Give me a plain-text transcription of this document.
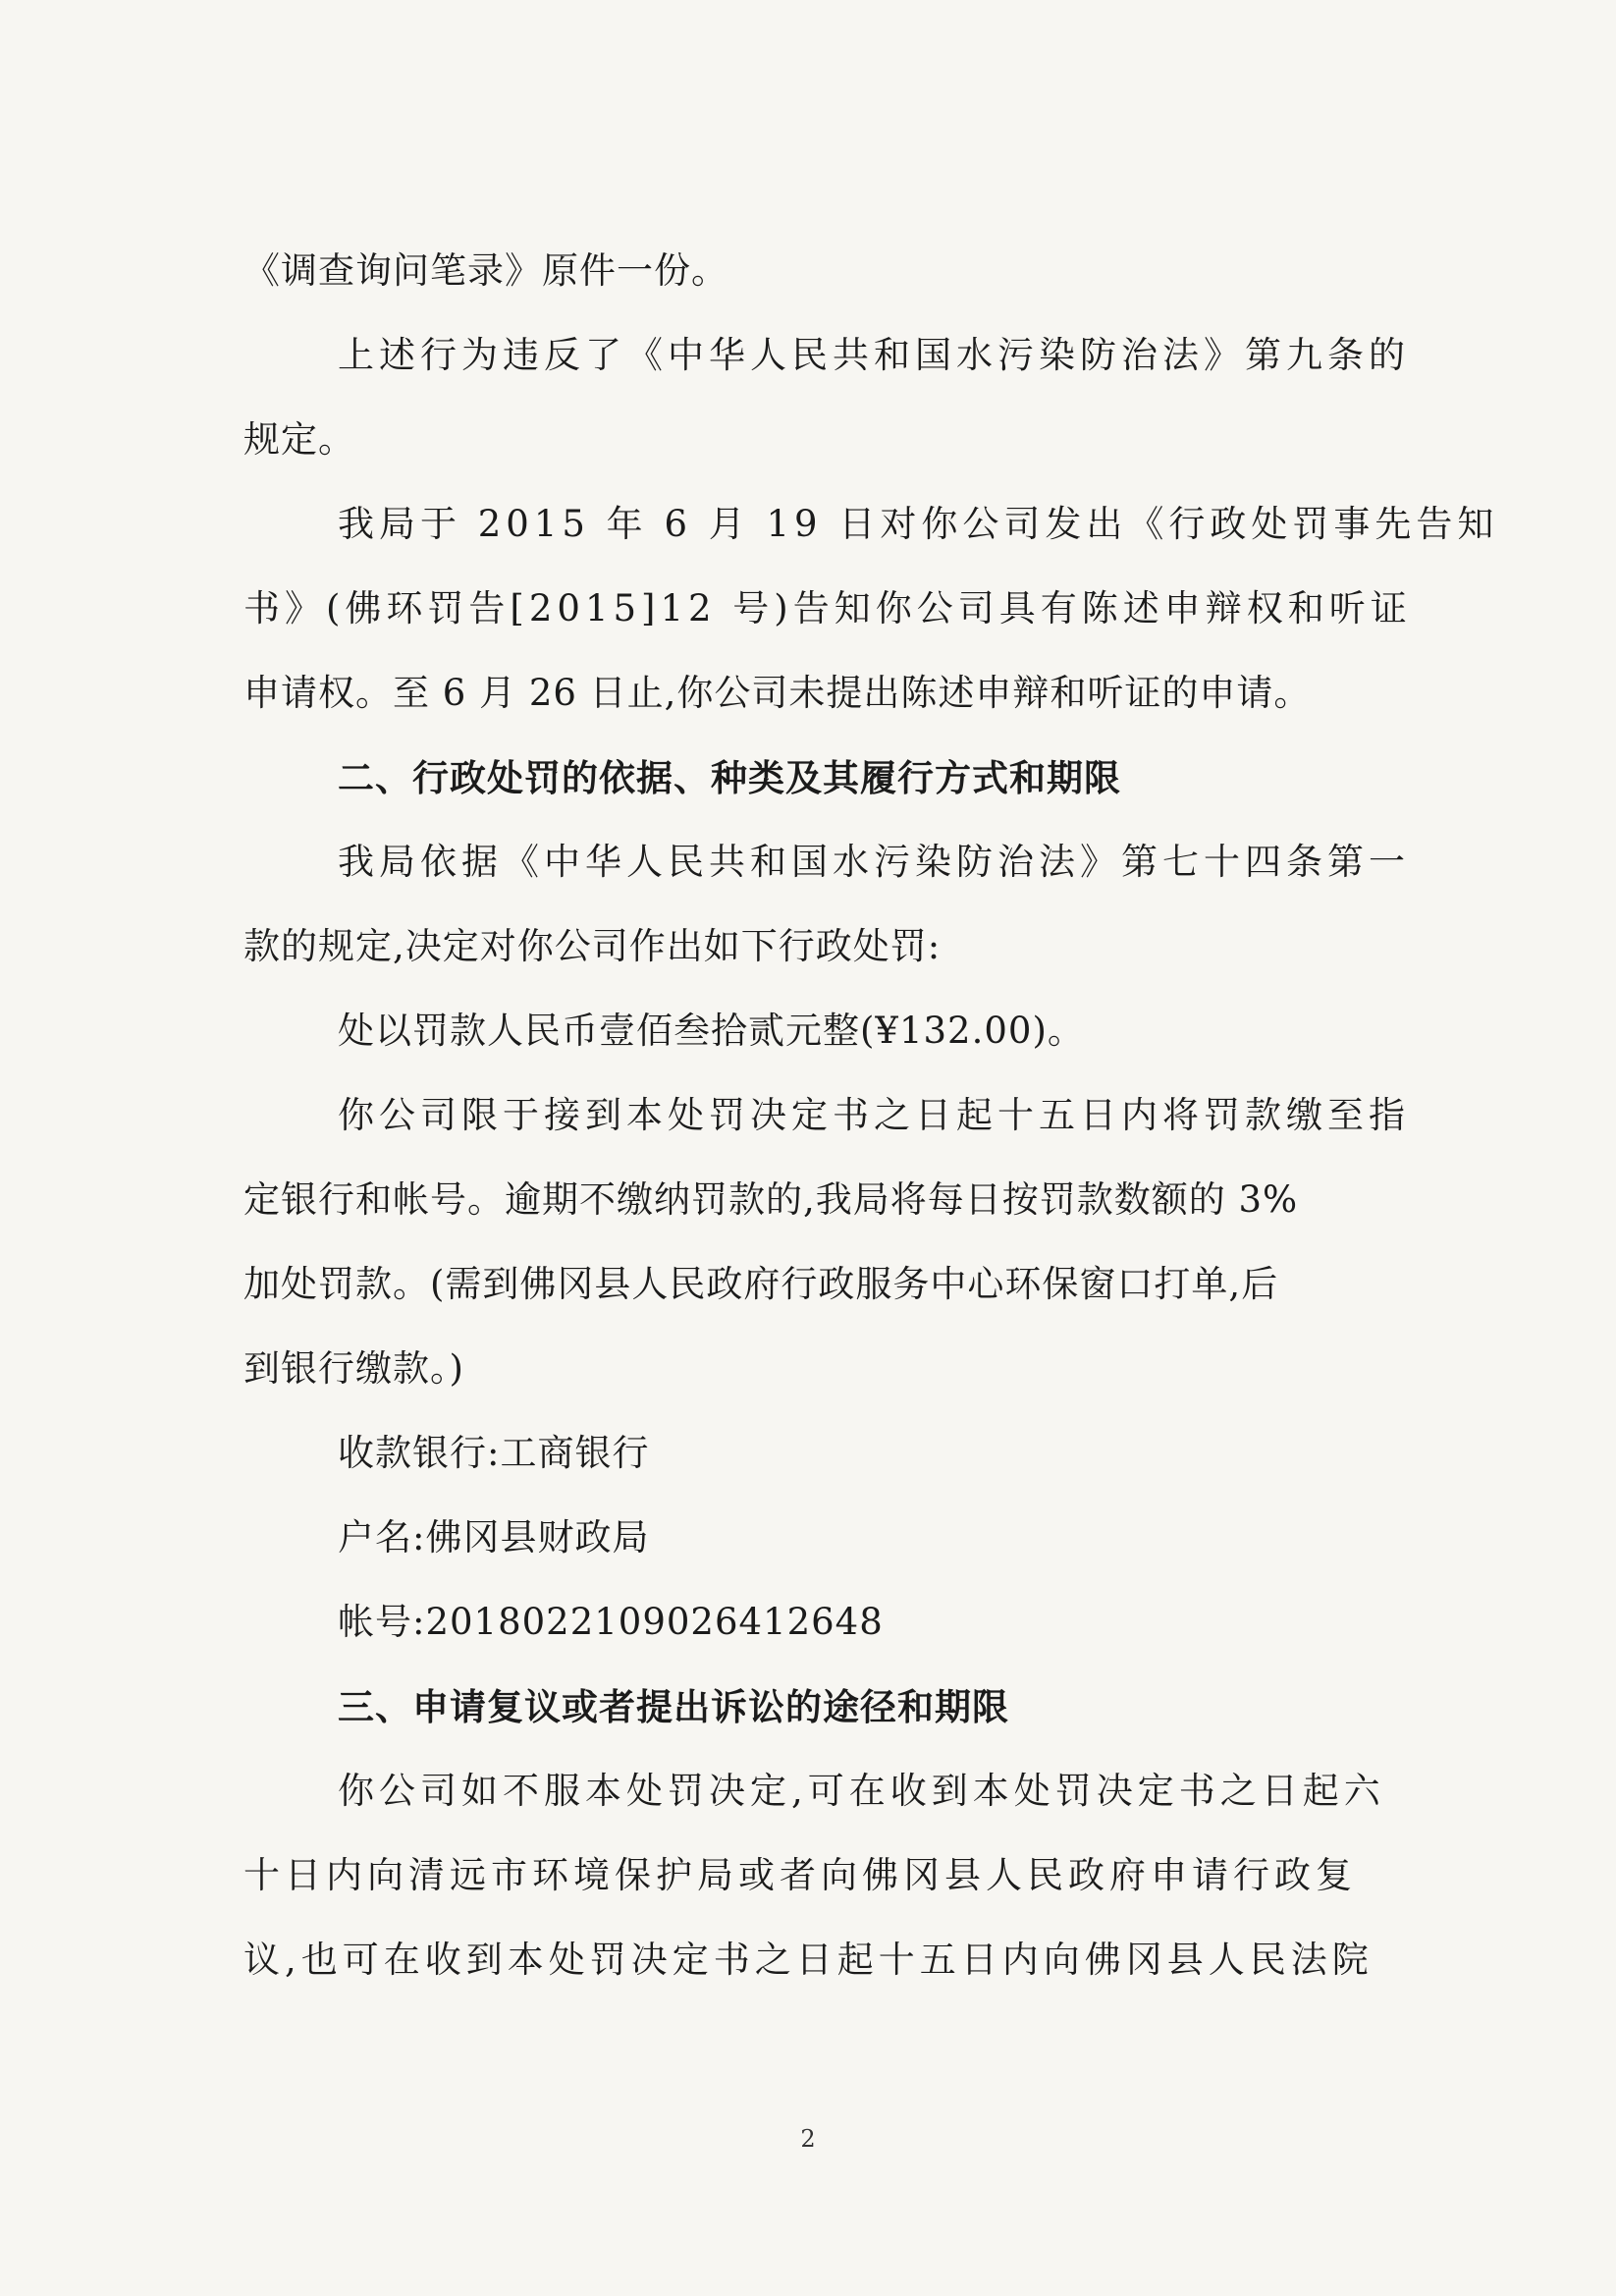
《调查询问笔录》原件一份。
上述行为违反了《中华人民共和国水污染防治法》第九条的
规定。
我局于 2015 年 6 月 19 日对你公司发出《行政处罚事先告知
书》(佛环罚告[2015]12 号)告知你公司具有陈述申辩权和听证
申请权。至 6 月 26 日止,你公司未提出陈述申辩和听证的申请。
二、行政处罚的依据、种类及其履行方式和期限
我局依据《中华人民共和国水污染防治法》第七十四条第一
款的规定,决定对你公司作出如下行政处罚:
处以罚款人民币壹佰叁拾贰元整(¥132.00)。
你公司限于接到本处罚决定书之日起十五日内将罚款缴至指
定银行和帐号。逾期不缴纳罚款的,我局将每日按罚款数额的 3%
加处罚款。(需到佛冈县人民政府行政服务中心环保窗口打单,后
到银行缴款。)
收款银行:工商银行
户名:佛冈县财政局
帐号:2018022109026412648
三、申请复议或者提出诉讼的途径和期限
你公司如不服本处罚决定,可在收到本处罚决定书之日起六
十日内向清远市环境保护局或者向佛冈县人民政府申请行政复
议,也可在收到本处罚决定书之日起十五日内向佛冈县人民法院
2
